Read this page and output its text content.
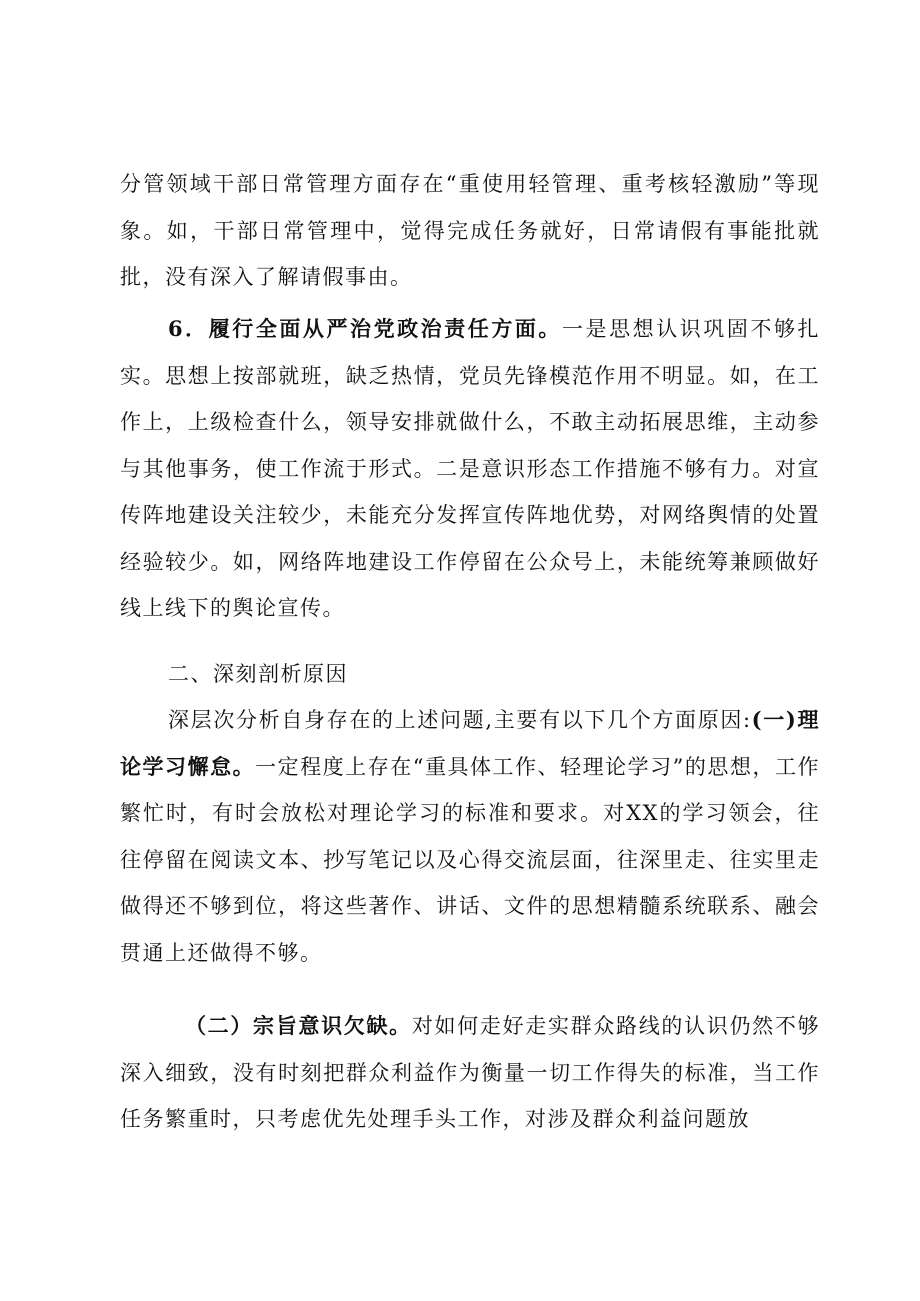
分管领域干部日常管理方面存在“重使用轻管理、重考核轻激励”等现象。如，干部日常管理中，觉得完成任务就好，日常请假有事能批就批，没有深入了解请假事由。

6．履行全面从严治党政治责任方面。一是思想认识巩固不够扎实。思想上按部就班，缺乏热情，党员先锋模范作用不明显。如，在工作上，上级检查什么，领导安排就做什么，不敢主动拓展思维，主动参与其他事务，使工作流于形式。二是意识形态工作措施不够有力。对宣传阵地建设关注较少，未能充分发挥宣传阵地优势，对网络舆情的处置经验较少。如，网络阵地建设工作停留在公众号上，未能统筹兼顾做好线上线下的舆论宣传。

二、深刻剖析原因

深层次分析自身存在的上述问题,主要有以下几个方面原因:(一)理论学习懈怠。一定程度上存在“重具体工作、轻理论学习”的思想，工作繁忙时，有时会放松对理论学习的标准和要求。对XX的学习领会，往往停留在阅读文本、抄写笔记以及心得交流层面，往深里走、往实里走做得还不够到位，将这些著作、讲话、文件的思想精髓系统联系、融会贯通上还做得不够。

（二）宗旨意识欠缺。对如何走好走实群众路线的认识仍然不够深入细致，没有时刻把群众利益作为衡量一切工作得失的标准，当工作任务繁重时，只考虑优先处理手头工作，对涉及群众利益问题放
